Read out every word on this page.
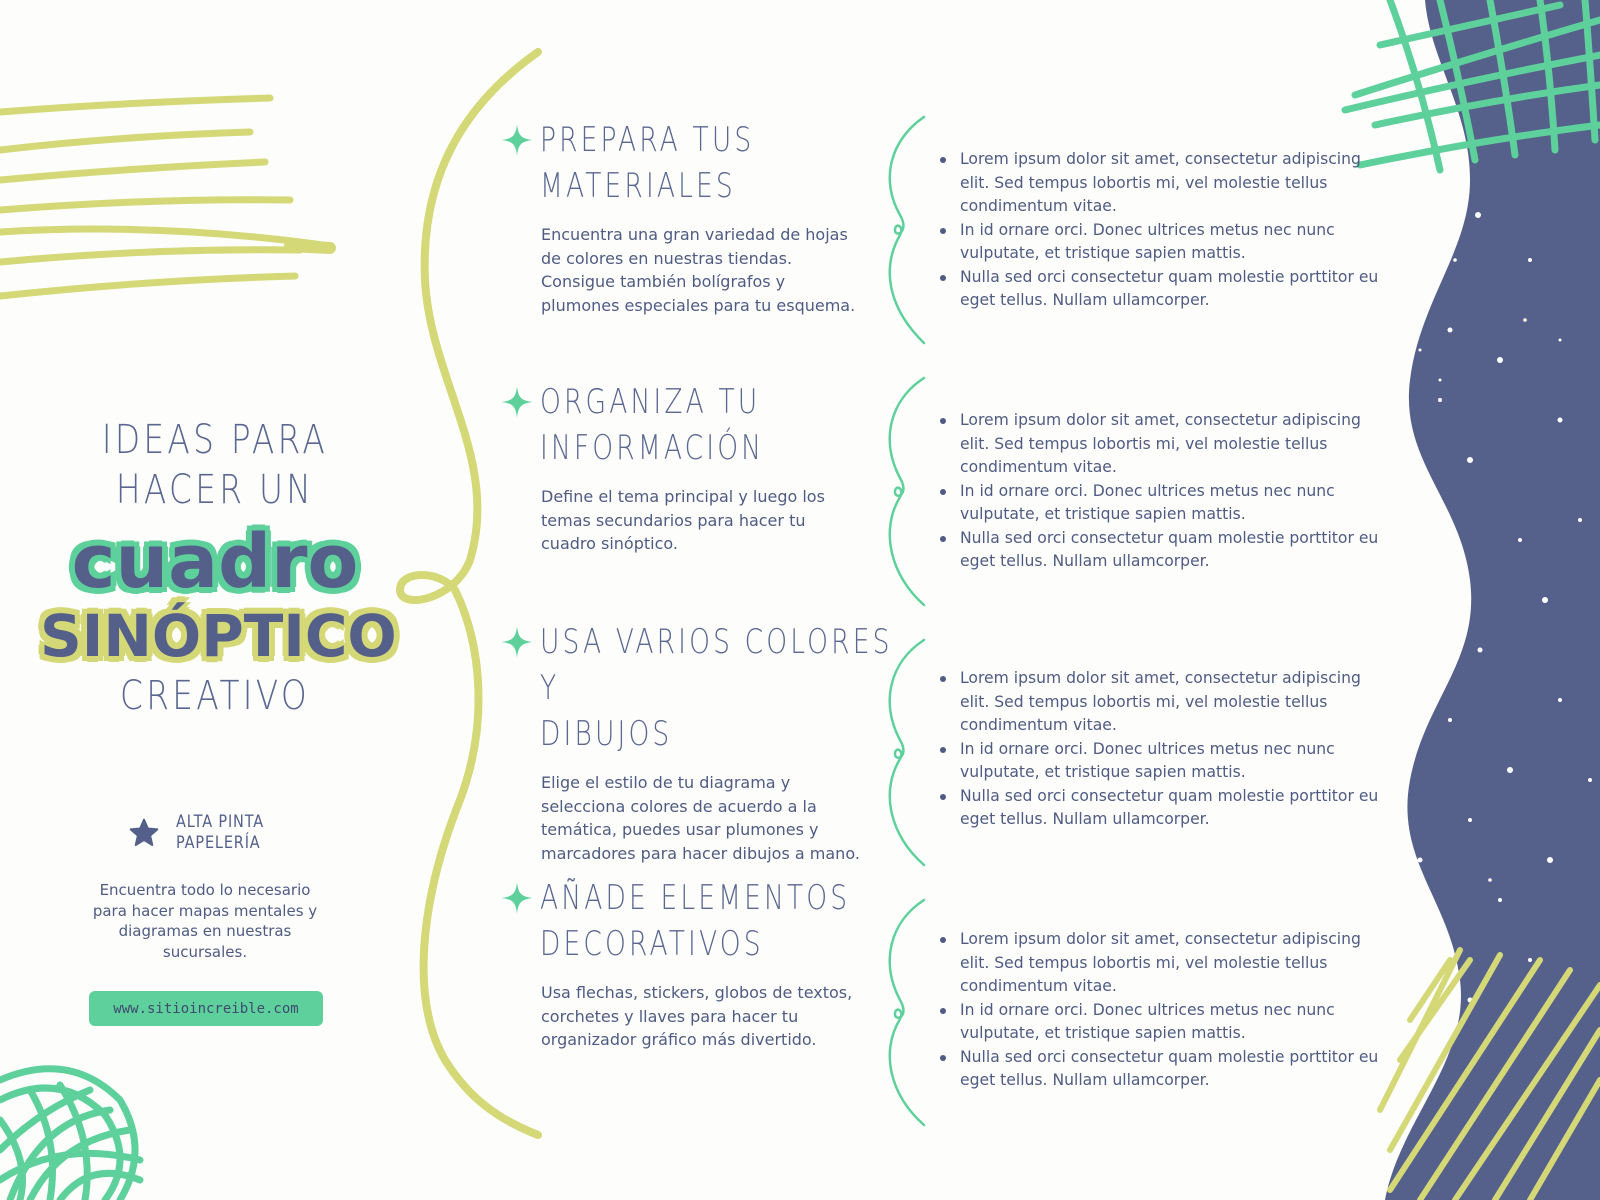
IDEAS PARA
HACER UN
cuadro
SINÓPTICO
CREATIVO
ALTA PINTA
PAPELERÍA
Encuentra todo lo necesario para hacer mapas mentales y diagramas en nuestras sucursales.
www.sitioincreible.com
PREPARA TUS
MATERIALES
Encuentra una gran variedad de hojas de colores en nuestras tiendas. Consigue también bolígrafos y plumones especiales para tu esquema.
Lorem ipsum dolor sit amet, consectetur adipiscing elit. Sed tempus lobortis mi, vel molestie tellus condimentum vitae.
In id ornare orci. Donec ultrices metus nec nunc vulputate, et tristique sapien mattis.
Nulla sed orci consectetur quam molestie porttitor eu eget tellus. Nullam ullamcorper.
ORGANIZA TU
INFORMACIÓN
Define el tema principal y luego los temas secundarios para hacer tu cuadro sinóptico.
Lorem ipsum dolor sit amet, consectetur adipiscing elit. Sed tempus lobortis mi, vel molestie tellus condimentum vitae.
In id ornare orci. Donec ultrices metus nec nunc vulputate, et tristique sapien mattis.
Nulla sed orci consectetur quam molestie porttitor eu eget tellus. Nullam ullamcorper.
USA VARIOS COLORES Y
DIBUJOS
Elige el estilo de tu diagrama y selecciona colores de acuerdo a la temática, puedes usar plumones y marcadores para hacer dibujos a mano.
Lorem ipsum dolor sit amet, consectetur adipiscing elit. Sed tempus lobortis mi, vel molestie tellus condimentum vitae.
In id ornare orci. Donec ultrices metus nec nunc vulputate, et tristique sapien mattis.
Nulla sed orci consectetur quam molestie porttitor eu eget tellus. Nullam ullamcorper.
AÑADE ELEMENTOS
DECORATIVOS
Usa flechas, stickers, globos de textos, corchetes y llaves para hacer tu organizador gráfico más divertido.
Lorem ipsum dolor sit amet, consectetur adipiscing elit. Sed tempus lobortis mi, vel molestie tellus condimentum vitae.
In id ornare orci. Donec ultrices metus nec nunc vulputate, et tristique sapien mattis.
Nulla sed orci consectetur quam molestie porttitor eu eget tellus. Nullam ullamcorper.
